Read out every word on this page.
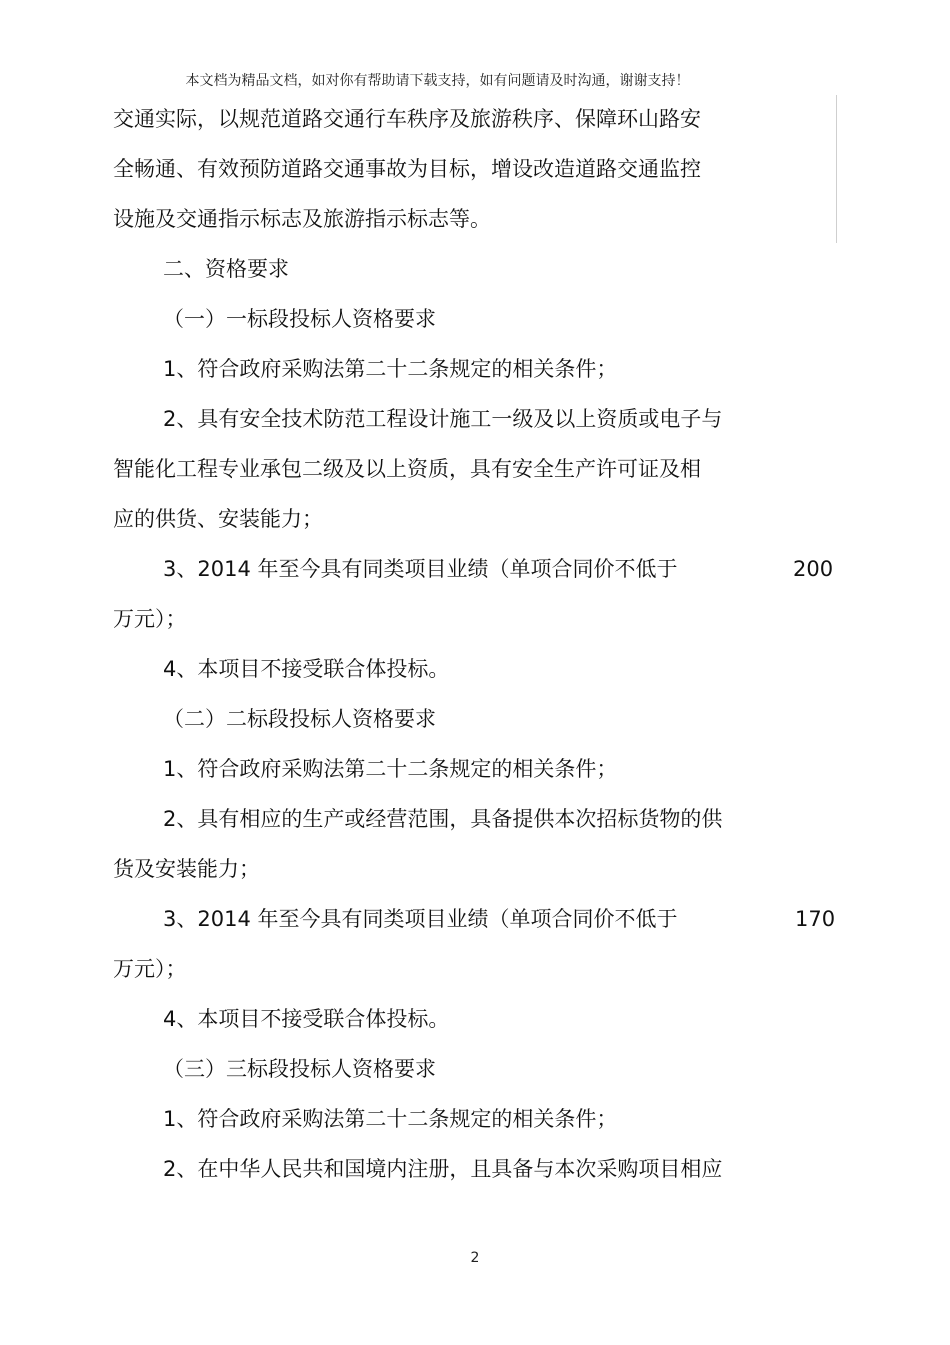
本文档为精品文档，如对你有帮助请下载支持，如有问题请及时沟通，谢谢支持！
交通实际，以规范道路交通行车秩序及旅游秩序、保障环山路安
全畅通、有效预防道路交通事故为目标，增设改造道路交通监控
设施及交通指示标志及旅游指示标志等。
二、资格要求
（一）一标段投标人资格要求
1、符合政府采购法第二十二条规定的相关条件；
2、具有安全技术防范工程设计施工一级及以上资质或电子与
智能化工程专业承包二级及以上资质，具有安全生产许可证及相
应的供货、安装能力；
3、2014 年至今具有同类项目业绩（单项合同价不低于	200
万元）；
4、本项目不接受联合体投标。
（二）二标段投标人资格要求
1、符合政府采购法第二十二条规定的相关条件；
2、具有相应的生产或经营范围，具备提供本次招标货物的供
货及安装能力；
3、2014 年至今具有同类项目业绩（单项合同价不低于	170
万元）；
4、本项目不接受联合体投标。
（三）三标段投标人资格要求
1、符合政府采购法第二十二条规定的相关条件；
2、在中华人民共和国境内注册，且具备与本次采购项目相应
2
